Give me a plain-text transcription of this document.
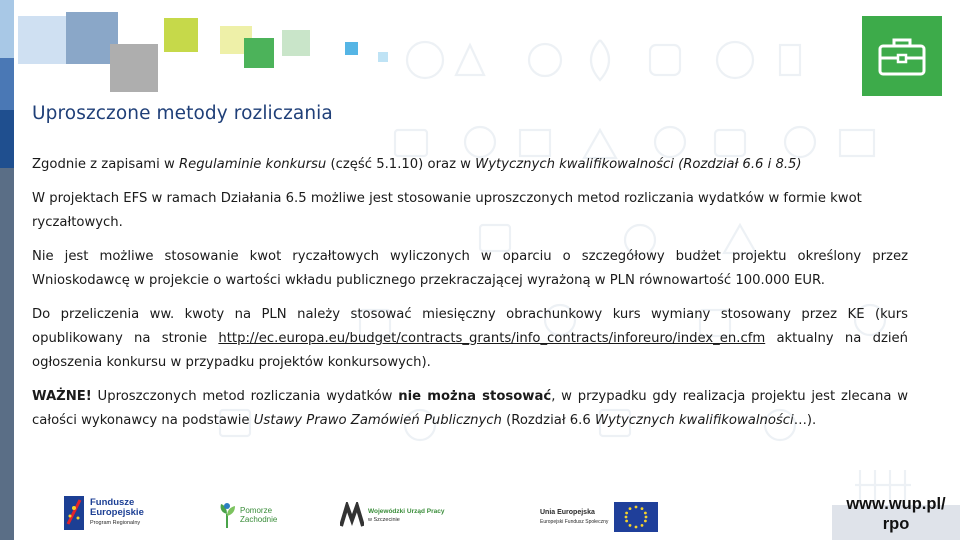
Uproszczone metody rozliczania

Zgodnie z zapisami w Regulaminie konkursu (część 5.1.10) oraz w Wytycznych kwalifikowalności (Rozdział 6.6 i 8.5)

W projektach EFS w ramach Działania 6.5 możliwe jest stosowanie uproszczonych metod rozliczania wydatków w formie kwot ryczałtowych.

Nie jest możliwe stosowanie kwot ryczałtowych wyliczonych w oparciu o szczegółowy budżet projektu określony przez Wnioskodawcę w projekcie o wartości wkładu publicznego przekraczającej wyrażoną w PLN równowartość 100.000 EUR.

Do przeliczenia ww. kwoty na PLN należy stosować miesięczny obrachunkowy kurs wymiany stosowany przez KE (kurs opublikowany na stronie http://ec.europa.eu/budget/contracts_grants/info_contracts/inforeuro/index_en.cfm aktualny na dzień ogłoszenia konkursu w przypadku projektów konkursowych).

WAŻNE! Uproszczonych metod rozliczania wydatków nie można stosować, w przypadku gdy realizacja projektu jest zlecana w całości wykonawcy na podstawie Ustawy Prawo Zamówień Publicznych (Rozdział 6.6 Wytycznych kwalifikowalności…).

Fundusze
Europejskie
Program Regionalny
Pomorze
Zachodnie
Wojewódzki Urząd Pracy
w Szczecinie
Unia Europejska
Europejski Fundusz Społeczny
www.wup.pl/
rpo
